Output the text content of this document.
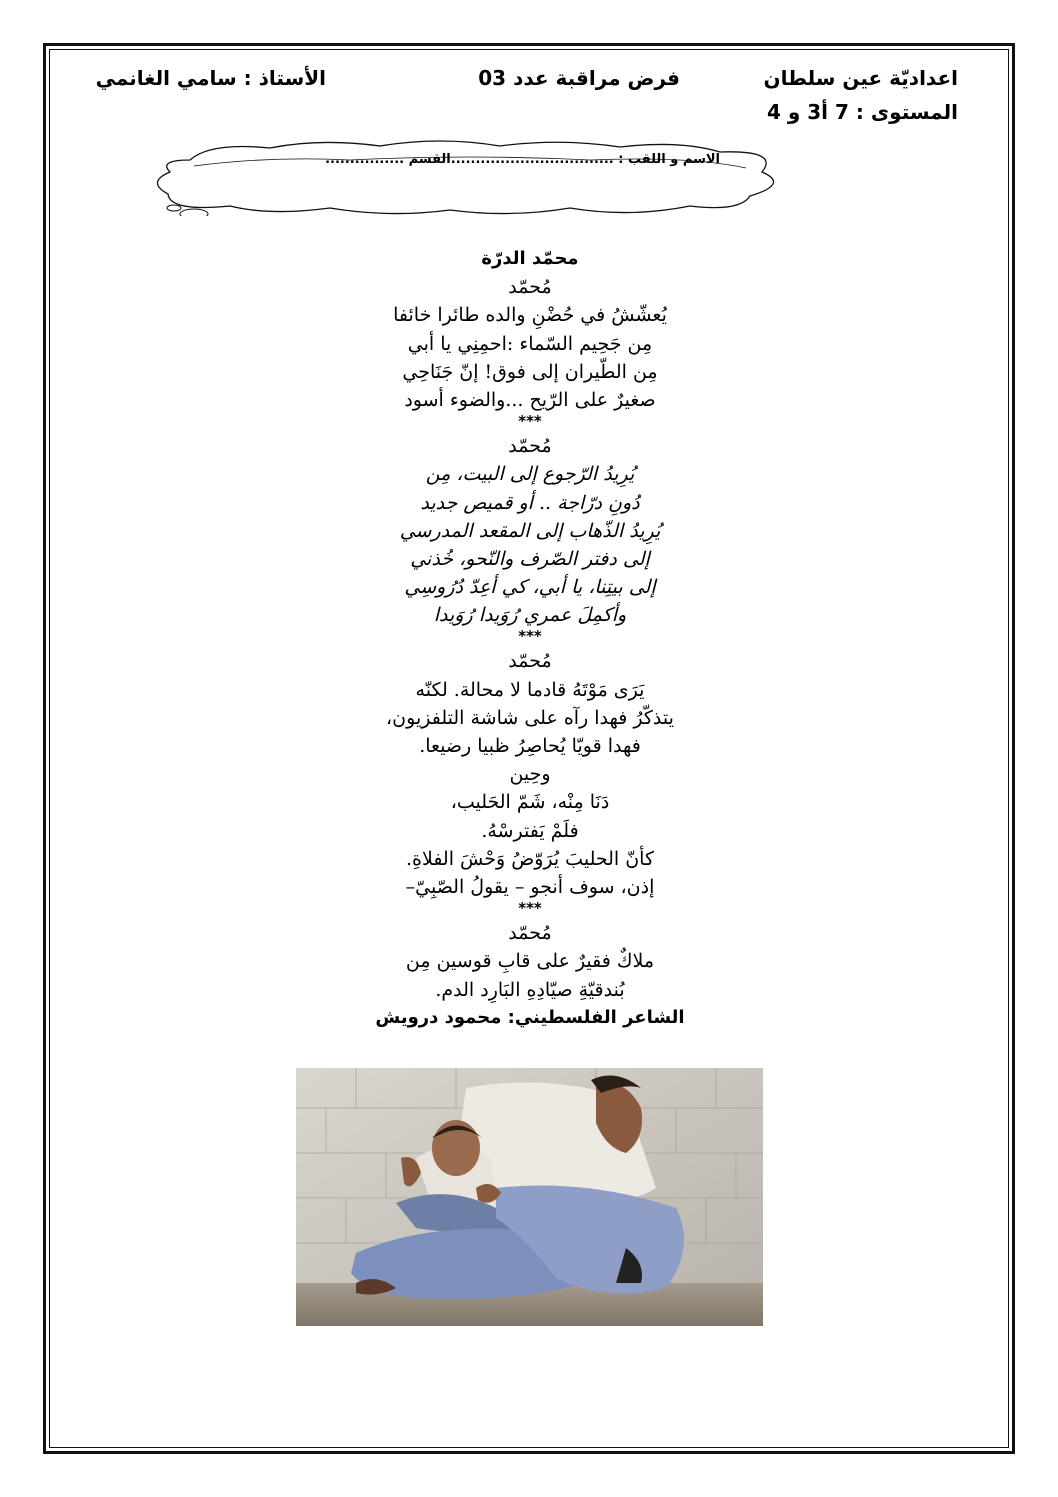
اعداديّة عين سلطان
فرض مراقبة عدد 03
الأستاذ : سامي الغانمي
المستوى : 7 أ3 و 4
الاسم و اللقب : .................................القسم ................
محمّد الدرّة
مُحمّد
يُعشّشُ في حُضْنِ والده طائرا خائفا
مِن جَحِيم السّماء :احمِنِي يا أبي
مِن الطّيران إلى فوق! إنّ جَنَاحِي
صغيرٌ على الرّيح ...والضوء أسود
***
مُحمّد
يُرِيدُ الرّجوع إلى البيت، مِن
دُونِ درّاجة .. أو قميص جديد
يُرِيدُ الذّهاب إلى المقعد المدرسي
إلى دفتر الصّرف والنّحو، خُذني
إلى بيتِنا، يا أبي، كي أعِدّ دُرُوسِي
وأكمِلَ عمري رُوَيدا رُوَيدا
***
مُحمّد
يَرَى مَوْتَهُ قادما لا محالة. لكنّه
يتذكّرُ فهدا رآه على شاشة التلفزيون،
فهدا قويّا يُحاصِرُ ظبيا رضيعا.
وحِين
دَنَا مِنْه، شَمّ الحَليب،
فلَمْ يَفترسْهُ.
كأنّ الحليبَ يُرَوّضُ وَحْشَ الفلاةِ.
إذن، سوف أنجو – يقولُ الصّبِيّ–
***
مُحمّد
ملاكٌ فقيرٌ على قابِ قوسين مِن
بُندقيّةِ صيّادِهِ البَارِد الدم.
الشاعر الفلسطيني: محمود درويش
